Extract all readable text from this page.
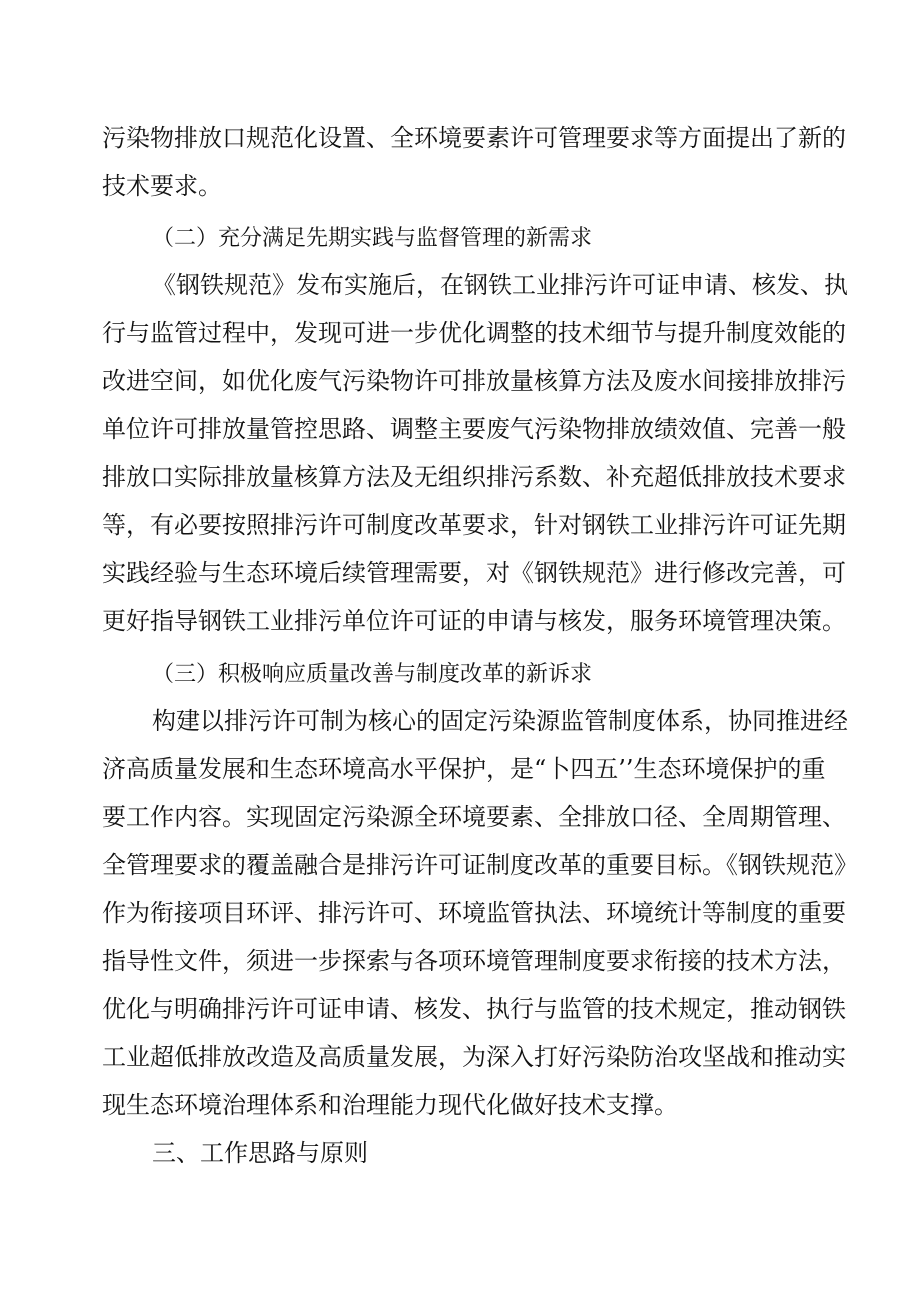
污染物排放口规范化设置、全环境要素许可管理要求等方面提出了新的
技术要求。
（二）充分满足先期实践与监督管理的新需求
《钢铁规范》发布实施后，在钢铁工业排污许可证申请、核发、执
行与监管过程中，发现可进一步优化调整的技术细节与提升制度效能的
改进空间，如优化废气污染物许可排放量核算方法及废水间接排放排污
单位许可排放量管控思路、调整主要废气污染物排放绩效值、完善一般
排放口实际排放量核算方法及无组织排污系数、补充超低排放技术要求
等，有必要按照排污许可制度改革要求，针对钢铁工业排污许可证先期
实践经验与生态环境后续管理需要，对《钢铁规范》进行修改完善，可
更好指导钢铁工业排污单位许可证的申请与核发，服务环境管理决策。
（三）积极响应质量改善与制度改革的新诉求
构建以排污许可制为核心的固定污染源监管制度体系，协同推进经
济高质量发展和生态环境高水平保护，是“卜四五’’生态环境保护的重
要工作内容。实现固定污染源全环境要素、全排放口径、全周期管理、
全管理要求的覆盖融合是排污许可证制度改革的重要目标。《钢铁规范》
作为衔接项目环评、排污许可、环境监管执法、环境统计等制度的重要
指导性文件，须进一步探索与各项环境管理制度要求衔接的技术方法，
优化与明确排污许可证申请、核发、执行与监管的技术规定，推动钢铁
工业超低排放改造及高质量发展，为深入打好污染防治攻坚战和推动实
现生态环境治理体系和治理能力现代化做好技术支撑。
三、工作思路与原则
